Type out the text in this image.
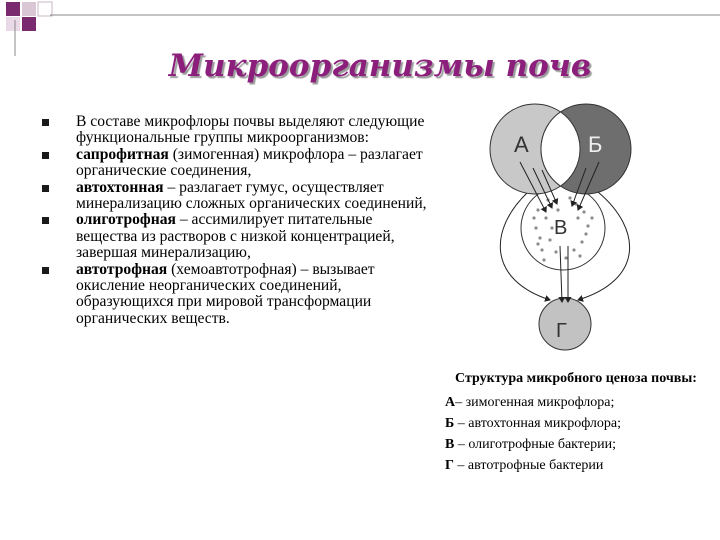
Микроорганизмы почв
В составе микрофлоры почвы выделяют следующие функциональные группы микроорганизмов:
сапрофитная (зимогенная) микрофлора – разлагает органические соединения,
автохтонная – разлагает гумус, осуществляет минерализацию сложных органических соединений,
олиготрофная – ассимилирует питательные вещества из растворов с низкой концентрацией, завершая минерализацию,
автотрофная (хемоавтотрофная) – вызывает окисление неорганических соединений, образующихся при мировой трансформации органических веществ.
А	Б
В
Г
Структура микробного ценоза почвы:
А– зимогенная микрофлора;
Б – автохтонная микрофлора;
В – олиготрофные бактерии;
Г – автотрофные бактерии
